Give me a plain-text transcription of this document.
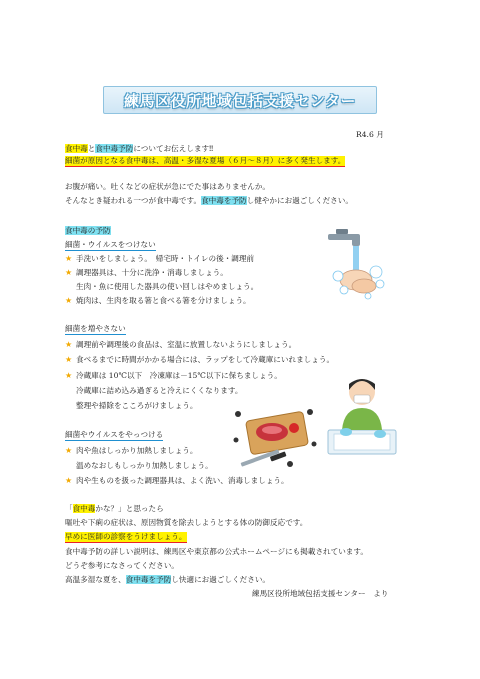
練馬区役所地域包括支援センター
R4.6 月
食中毒と食中毒予防についてお伝えします‼
細菌が原因となる食中毒は、高温・多湿な夏場（６月～８月）に多く発生します。
お腹が痛い。吐くなどの症状が急にでた事はありませんか。
そんなとき疑われる一つが食中毒です。食中毒を予防し健やかにお過ごしください。
食中毒の予防
細菌・ウイルスをつけない
★ 手洗いをしましょう。　帰宅時・トイレの後・調理前
★ 調理器具は、十分に洗浄・消毒しましょう。
生肉・魚に使用した器具の使い回しはやめましょう。
★ 焼肉は、生肉を取る箸と食べる箸を分けましょう。
細菌を増やさない
★ 調理前や調理後の食品は、室温に放置しないようにしましょう。
★ 食べるまでに時間がかかる場合には、ラップをして冷蔵庫にいれましょう。
★ 冷蔵庫は 10℃以下　冷凍庫は－15℃以下に保ちましょう。
冷蔵庫に詰め込み過ぎると冷えにくくなります。
整理や掃除をこころがけましょう。
細菌やウイルスをやっつける
★ 肉や魚はしっかり加熱しましょう。
温めなおしもしっかり加熱しましょう。
★ 肉や生ものを扱った調理器具は、よく洗い、消毒しましょう。
「食中毒かな？」と思ったら
嘔吐や下痢の症状は、原因物質を除去しようとする体の防御反応です。
早めに医師の診察をうけましょう。
食中毒予防の詳しい説明は、練馬区や東京都の公式ホームページにも掲載されています。
どうぞ参考になさってください。
高温多湿な夏を、食中毒を予防し快適にお過ごしください。
練馬区役所地域包括支援センター　より
